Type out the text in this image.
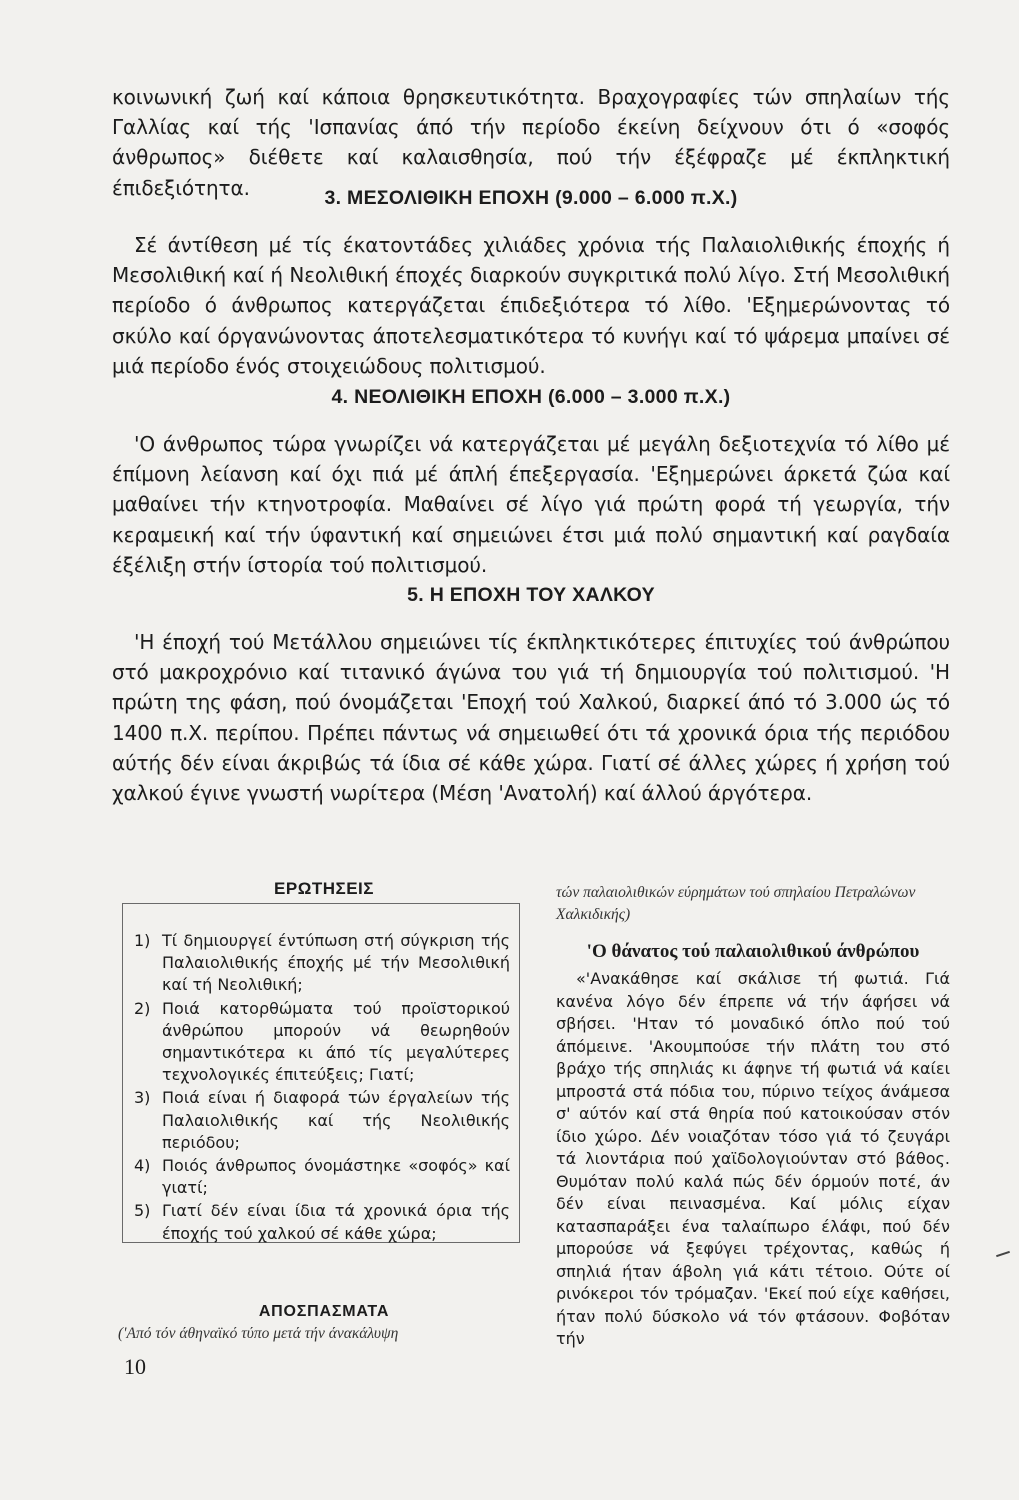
κοινωνική ζωή καί κάποια θρησκευτικότητα. Βραχογραφίες τών σπηλαίων τής Γαλλίας καί τής 'Ισπανίας άπό τήν περίοδο έκείνη δείχνουν ότι ό «σοφός άνθρωπος» διέθετε καί καλαισθησία, πού τήν έξέφραζε μέ έκπληκτική έπιδεξιότητα.	3. ΜΕΣΟΛΙΘΙΚΗ ΕΠΟΧΗ (9.000 – 6.000 π.Χ.)

Σέ άντίθεση μέ τίς έκατοντάδες χιλιάδες χρόνια τής Παλαιολιθικής έποχής ή Μεσολιθική καί ή Νεολιθική έποχές διαρκούν συγκριτικά πολύ λίγο. Στή Μεσολιθική περίοδο ό άνθρωπος κατεργάζεται έπιδεξιότερα τό λίθο. 'Εξημερώνοντας τό σκύλο καί όργανώνοντας άποτελεσματικότερα τό κυνήγι καί τό ψάρεμα μπαίνει σέ μιά περίοδο ένός στοιχειώδους πολιτισμού.

4. ΝΕΟΛΙΘΙΚΗ ΕΠΟΧΗ (6.000 – 3.000 π.Χ.)

'Ο άνθρωπος τώρα γνωρίζει νά κατεργάζεται μέ μεγάλη δεξιοτεχνία τό λίθο μέ έπίμονη λείανση καί όχι πιά μέ άπλή έπεξεργασία. 'Εξημερώνει άρκετά ζώα καί μαθαίνει τήν κτηνοτροφία. Μαθαίνει σέ λίγο γιά πρώτη φορά τή γεωργία, τήν κεραμεική καί τήν ύφαντική καί σημειώνει έτσι μιά πολύ σημαντική καί ραγδαία έξέλιξη στήν ίστορία τού πολιτισμού.

5. Η ΕΠΟΧΗ ΤΟΥ ΧΑΛΚΟΥ

'Η έποχή τού Μετάλλου σημειώνει τίς έκπληκτικότερες έπιτυχίες τού άνθρώπου στό μακροχρόνιο καί τιτανικό άγώνα του γιά τή δημιουργία τού πολιτισμού. 'Η πρώτη της φάση, πού όνομάζεται 'Εποχή τού Χαλκού, διαρκεί άπό τό 3.000 ώς τό 1400 π.Χ. περίπου. Πρέπει πάντως νά σημειωθεί ότι τά χρονικά όρια τής περιόδου αύτής δέν είναι άκριβώς τά ίδια σέ κάθε χώρα. Γιατί σέ άλλες χώρες ή χρήση τού χαλκού έγινε γνωστή νωρίτερα (Μέση 'Ανατολή) καί άλλού άργότερα.

ΕΡΩΤΗΣΕΙΣ
1) Τί δημιουργεί έντύπωση στή σύγκριση τής Παλαιολιθικής έποχής μέ τήν Μεσολιθική καί τή Νεολιθική;
2) Ποιά κατορθώματα τού προϊστορικού άνθρώπου μπορούν νά θεωρηθούν σημαντικότερα κι άπό τίς μεγαλύτερες τεχνολογικές έπιτεύξεις; Γιατί;
3) Ποιά είναι ή διαφορά τών έργαλείων τής Παλαιολιθικής καί τής Νεολιθικής περιόδου;
4) Ποιός άνθρωπος όνομάστηκε «σοφός» καί γιατί;
5) Γιατί δέν είναι ίδια τά χρονικά όρια τής έποχής τού χαλκού σέ κάθε χώρα;
ΑΠΟΣΠΑΣΜΑΤΑ
('Από τόν άθηναϊκό τύπο μετά τήν άνακάλυψη
τών παλαιολιθικών εύρημάτων τού σπηλαίου Πετραλώνων Χαλκιδικής)
'Ο θάνατος τού παλαιολιθικού άνθρώπου
«'Ανακάθησε καί σκάλισε τή φωτιά. Γιά κανένα λόγο δέν έπρεπε νά τήν άφήσει νά σβήσει. 'Ηταν τό μοναδικό όπλο πού τού άπόμεινε. 'Ακουμπούσε τήν πλάτη του στό βράχο τής σπηλιάς κι άφηνε τή φωτιά νά καίει μπροστά στά πόδια του, πύρινο τείχος άνάμεσα σ' αύτόν καί στά θηρία πού κατοικούσαν στόν ίδιο χώρο. Δέν νοιαζόταν τόσο γιά τό ζευγάρι τά λιοντάρια πού χαϊδολογιούνταν στό βάθος. Θυμόταν πολύ καλά πώς δέν όρμούν ποτέ, άν δέν είναι πεινασμένα. Καί μόλις είχαν κατασπαράξει ένα ταλαίπωρο έλάφι, πού δέν μπορούσε νά ξεφύγει τρέχοντας, καθώς ή σπηλιά ήταν άβολη γιά κάτι τέτοιο. Ούτε οί ρινόκεροι τόν τρόμαζαν. 'Εκεί πού είχε καθήσει, ήταν πολύ δύσκολο νά τόν φτάσουν. Φοβόταν τήν
10
